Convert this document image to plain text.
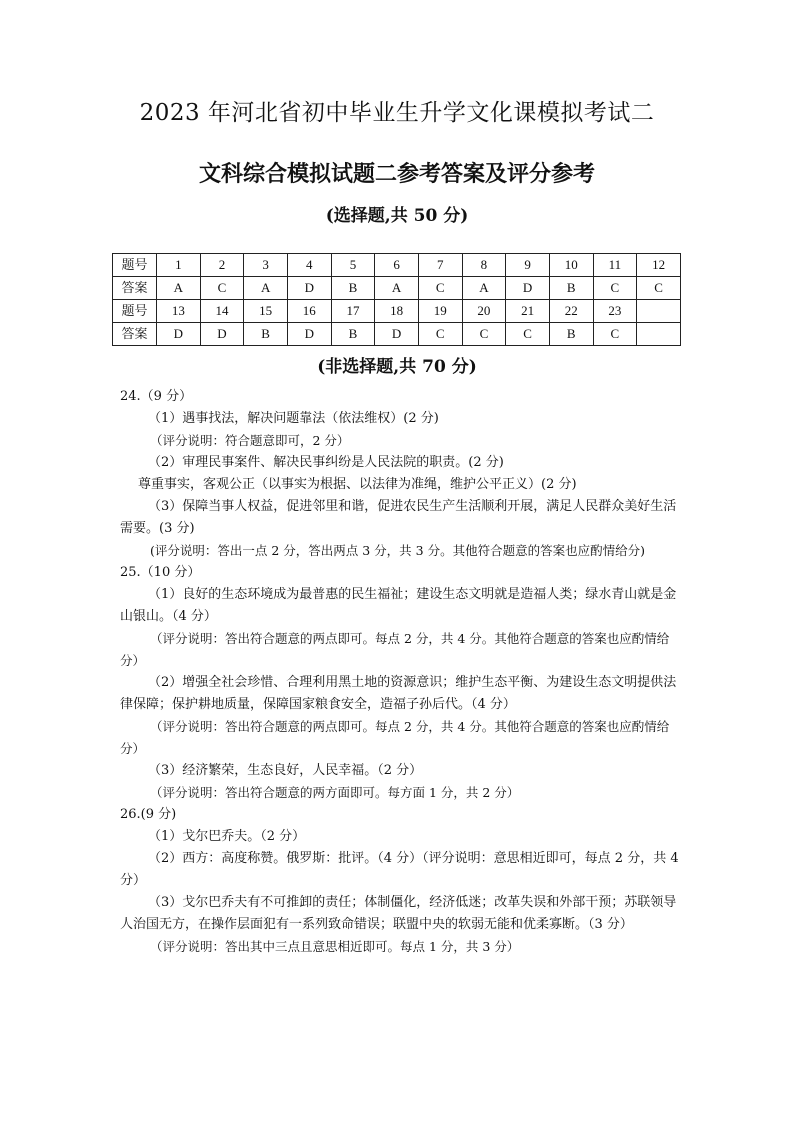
2023 年河北省初中毕业生升学文化课模拟考试二
文科综合模拟试题二参考答案及评分参考
(选择题,共 50 分)
题号	1	2	3	4	5	6	7	8	9	10	11	12
答案	A	C	A	D	B	A	C	A	D	B	C	C
题号	13	14	15	16	17	18	19	20	21	22	23	
答案	D	D	B	D	B	D	C	C	C	B	C	
(非选择题,共 70 分)

24.（9 分）

（1）遇事找法，解决问题靠法（依法维权）(2 分)

（评分说明：符合题意即可，2 分）

（2）审理民事案件、解决民事纠纷是人民法院的职责。(2 分)

尊重事实，客观公正（以事实为根据、以法律为准绳，维护公平正义）(2 分)

（3）保障当事人权益，促进邻里和谐，促进农民生产生活顺利开展，满足人民群众美好生活需要。(3 分)

(评分说明：答出一点 2 分，答出两点 3 分，共 3 分。其他符合题意的答案也应酌情给分)

25.（10 分）

（1）良好的生态环境成为最普惠的民生福祉；建设生态文明就是造福人类；绿水青山就是金山银山。（4 分）

（评分说明：答出符合题意的两点即可。每点 2 分，共 4 分。其他符合题意的答案也应酌情给分）

（2）增强全社会珍惜、合理利用黑土地的资源意识；维护生态平衡、为建设生态文明提供法律保障；保护耕地质量，保障国家粮食安全，造福子孙后代。（4 分）

（评分说明：答出符合题意的两点即可。每点 2 分，共 4 分。其他符合题意的答案也应酌情给分）

（3）经济繁荣，生态良好，人民幸福。（2 分）

（评分说明：答出符合题意的两方面即可。每方面 1 分，共 2 分）

26.(9 分)

（1）戈尔巴乔夫。（2 分）

（2）西方：高度称赞。俄罗斯：批评。（4 分）（评分说明：意思相近即可，每点 2 分，共 4 分）

（3）戈尔巴乔夫有不可推卸的责任；体制僵化，经济低迷；改革失误和外部干预；苏联领导人治国无方，在操作层面犯有一系列致命错误；联盟中央的软弱无能和优柔寡断。（3 分）

（评分说明：答出其中三点且意思相近即可。每点 1 分，共 3 分）
